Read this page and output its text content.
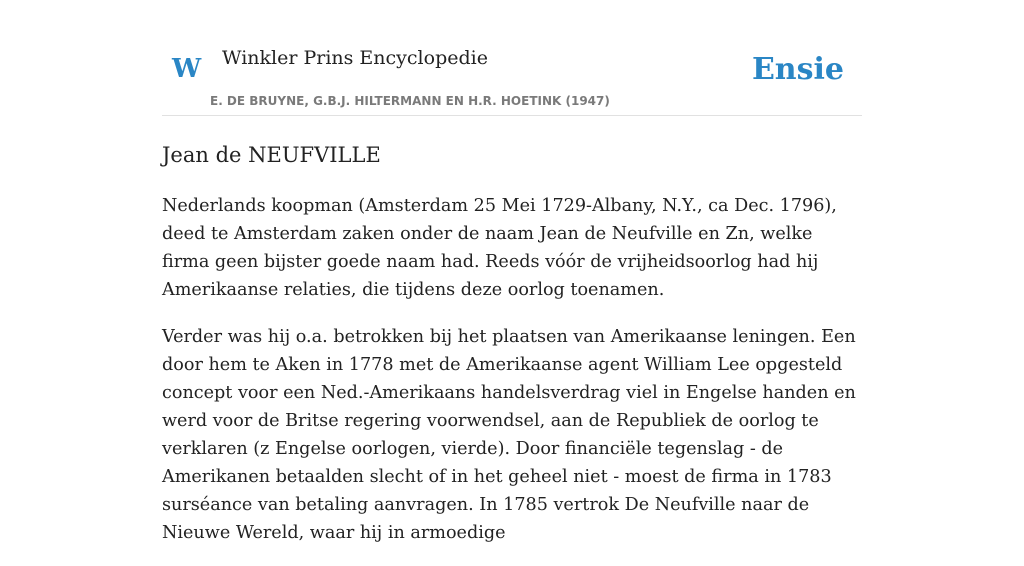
W Winkler Prins Encyclopedie
E. DE BRUYNE, G.B.J. HILTERMANN EN H.R. HOETINK (1947)
Ensie
Jean de NEUFVILLE

Nederlands koopman (Amsterdam 25 Mei 1729-Albany, N.Y., ca Dec. 1796), deed te Amsterdam zaken onder de naam Jean de Neufville en Zn, welke firma geen bijster goede naam had. Reeds vóór de vrijheidsoorlog had hij Amerikaanse relaties, die tijdens deze oorlog toenamen.

Verder was hij o.a. betrokken bij het plaatsen van Amerikaanse leningen. Een door hem te Aken in 1778 met de Amerikaanse agent William Lee opgesteld concept voor een Ned.-Amerikaans handelsverdrag viel in Engelse handen en werd voor de Britse regering voorwendsel, aan de Republiek de oorlog te verklaren (z Engelse oorlogen, vierde). Door financiële tegenslag - de Amerikanen betaalden slecht of in het geheel niet - moest de firma in 1783 surséance van betaling aanvragen. In 1785 vertrok De Neufville naar de Nieuwe Wereld, waar hij in armoedige
